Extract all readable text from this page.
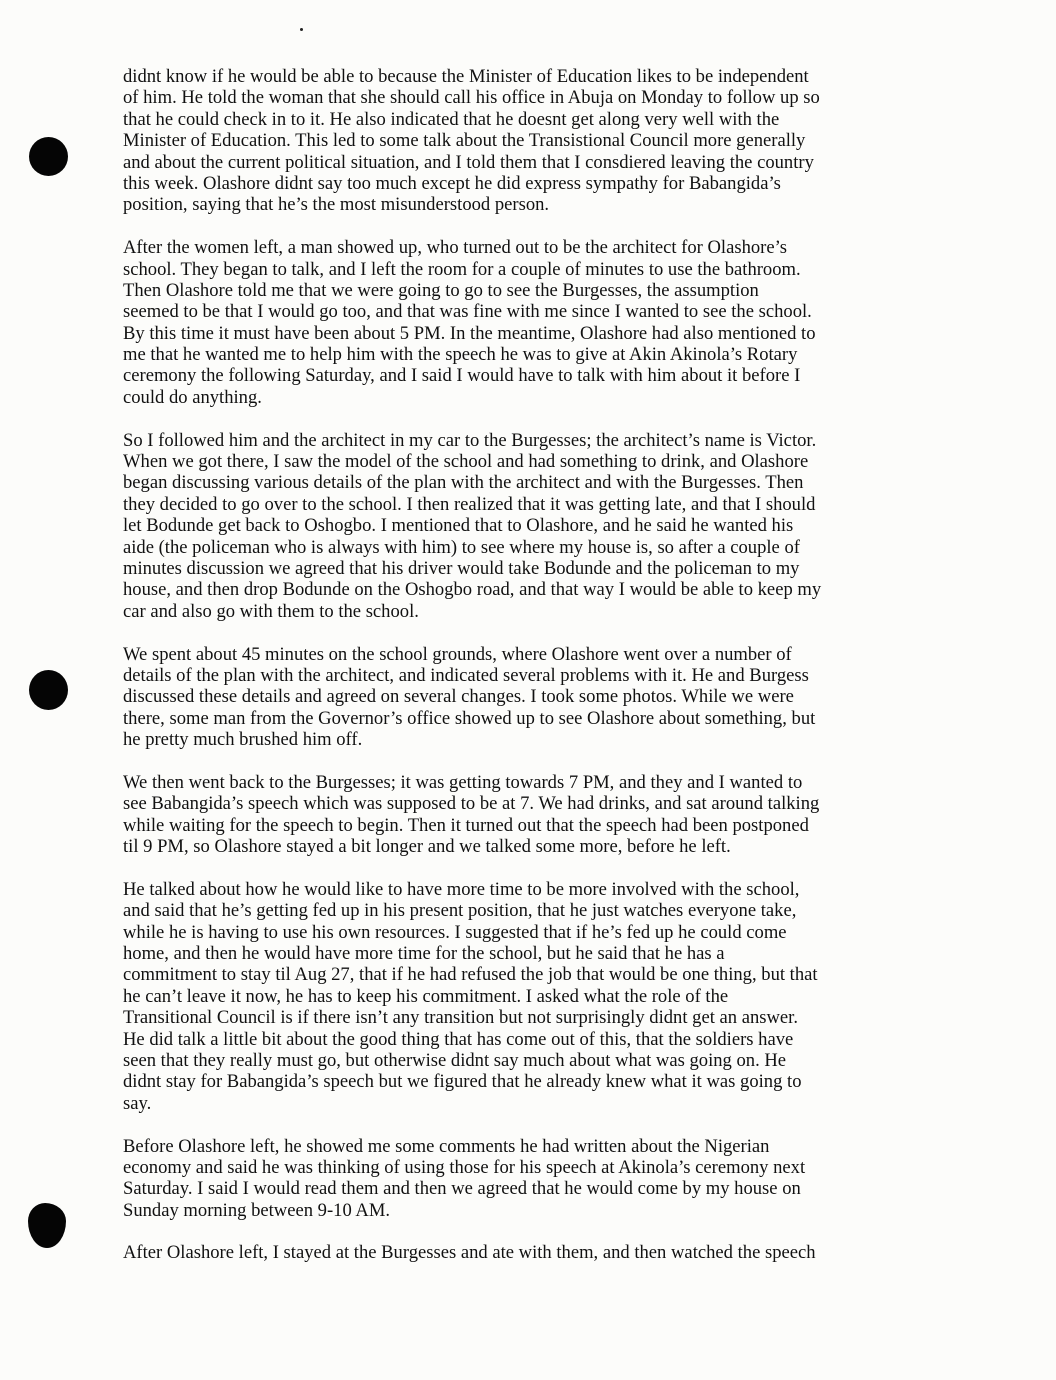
didnt know if he would be able to because the Minister of Education likes to be independent
of him. He told the woman that she should call his office in Abuja on Monday to follow up so
that he could check in to it. He also indicated that he doesnt get along very well with the
Minister of Education. This led to some talk about the Transistional Council more generally
and about the current political situation, and I told them that I consdiered leaving the country
this week. Olashore didnt say too much except he did express sympathy for Babangida’s
position, saying that he’s the most misunderstood person.
After the women left, a man showed up, who turned out to be the architect for Olashore’s
school. They began to talk, and I left the room for a couple of minutes to use the bathroom.
Then Olashore told me that we were going to go to see the Burgesses, the assumption
seemed to be that I would go too, and that was fine with me since I wanted to see the school.
By this time it must have been about 5 PM. In the meantime, Olashore had also mentioned to
me that he wanted me to help him with the speech he was to give at Akin Akinola’s Rotary
ceremony the following Saturday, and I said I would have to talk with him about it before I
could do anything.
So I followed him and the architect in my car to the Burgesses; the architect’s name is Victor.
When we got there, I saw the model of the school and had something to drink, and Olashore
began discussing various details of the plan with the architect and with the Burgesses. Then
they decided to go over to the school. I then realized that it was getting late, and that I should
let Bodunde get back to Oshogbo. I mentioned that to Olashore, and he said he wanted his
aide (the policeman who is always with him) to see where my house is, so after a couple of
minutes discussion we agreed that his driver would take Bodunde and the policeman to my
house, and then drop Bodunde on the Oshogbo road, and that way I would be able to keep my
car and also go with them to the school.
We spent about 45 minutes on the school grounds, where Olashore went over a number of
details of the plan with the architect, and indicated several problems with it. He and Burgess
discussed these details and agreed on several changes. I took some photos. While we were
there, some man from the Governor’s office showed up to see Olashore about something, but
he pretty much brushed him off.
We then went back to the Burgesses; it was getting towards 7 PM, and they and I wanted to
see Babangida’s speech which was supposed to be at 7. We had drinks, and sat around talking
while waiting for the speech to begin. Then it turned out that the speech had been postponed
til 9 PM, so Olashore stayed a bit longer and we talked some more, before he left.
He talked about how he would like to have more time to be more involved with the school,
and said that he’s getting fed up in his present position, that he just watches everyone take,
while he is having to use his own resources. I suggested that if he’s fed up he could come
home, and then he would have more time for the school, but he said that he has a
commitment to stay til Aug 27, that if he had refused the job that would be one thing, but that
he can’t leave it now, he has to keep his commitment. I asked what the role of the
Transitional Council is if there isn’t any transition but not surprisingly didnt get an answer.
He did talk a little bit about the good thing that has come out of this, that the soldiers have
seen that they really must go, but otherwise didnt say much about what was going on. He
didnt stay for Babangida’s speech but we figured that he already knew what it was going to
say.
Before Olashore left, he showed me some comments he had written about the Nigerian
economy and said he was thinking of using those for his speech at Akinola’s ceremony next
Saturday. I said I would read them and then we agreed that he would come by my house on
Sunday morning between 9-10 AM.
After Olashore left, I stayed at the Burgesses and ate with them, and then watched the speech
